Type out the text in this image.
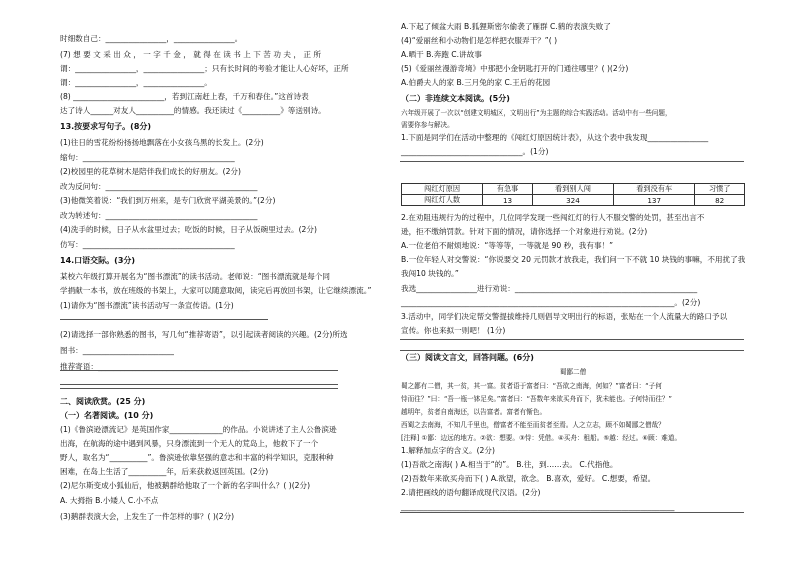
时细数自己：________________，________________。
(7) 想 要 文 采 出 众 ， 一 字 千 金 ， 就 得 在 读 书 上 下 苦 功 夫 ， 正 所
谓：________________，________________；只有长时间的考验才能让人心好坏，正所
谓：________________，________________。
(8) ________________________，若到江南赶上春，千万和春住。”这首诗表
达了诗人______对友人__________的情感。我还读过《__________》等送别诗。
13.按要求写句子。(8分)
(1)往日的雪花纷纷扬扬地飘落在小女孩乌黑的长发上。(2分)
缩句：________________________________________
(2)校园里的花草树木是陪伴我们成长的好朋友。(2分)
改为反问句：________________________________________
(3)他微笑着说：“我们到万州来，是专门欣赏平湖美景的。”(2分)
改为转述句：________________________________________
(4)洗手的时候，日子从水盆里过去；吃饭的时候，日子从饭碗里过去。(2分)
仿写：________________________________________
14.口语交际。(3分)
某校六年级打算开展名为“图书漂流”的读书活动。老师说：“图书漂流就是每个同
学捐献一本书，放在班级的书架上，大家可以随意取阅，读完后再放回书架，让它继续漂流。”
(1)请你为“图书漂流”读书活动写一条宣传语。(1分)
(2)请选择一部你熟悉的图书，写几句“推荐寄语”，以引起读者阅读的兴趣。(2分)所选
图书：________________________
推荐寄语：________________________________________
二、阅读欣赏。(25 分)
（一）名著阅读。(10 分)
(1)《鲁滨逊漂流记》是英国作家______________的作品。小说讲述了主人公鲁滨逊
出海，在航海的途中遇到风暴，只身漂流到一个无人的荒岛上，他救下了一个
野人，取名为“__________”。鲁滨逊依靠坚强的意志和丰富的科学知识，克服种种
困难，在岛上生活了__________年，后来获救返回英国。(2分)
(2)尼尔斯变成小狐仙后，他被鹅群给他取了一个新的名字叫什么？( )(2分)
A. 大拇指 B.小矮人 C.小不点
(3)鹅群表演大会，上发生了一件怎样的事？( )(2分)
A.下起了倾盆大雨 B.狐狸斯密尔偷袭了雁群 C.鹤的表演失败了
(4)“爱丽丝和小动物们是怎样把衣服弄干？”( )
A.晒干 B.奔跑 C.讲故事
(5)《爱丽丝漫游奇境》中那把小金钥匙打开的门通往哪里？( )(2分)
A.伯爵夫人的家 B.三月兔的家 C.王后的花园
（二）非连续文本阅读。(5分)
六年级开展了一次以“创建文明城区，文明出行”为主题的综合实践活动。活动中有一些问题，
需要你参与解决。
1.下面是同学们在活动中整理的《闯红灯原因统计表》，从这个表中我发现________________
________________________________。(1分)
2.在劝阻违规行为的过程中，几位同学发现一些闯红灯的行人不服交警的处罚，甚至出言不
逊，拒不缴纳罚款。针对下面的情况，请你选择一个对象进行劝说。(2分)
A.一位老伯不耐烦地说：“等等等，一等就是 90 秒，我有事！”
B.一位年轻人对交警说：“你说要交 20 元罚款才放我走，我们问一下不就 10 块钱的事嘛，不用扰了我
我闯10 块钱的。”
我选________________进行劝说：________________________________________________
________________________________________________________________________。(2分)
3.活动中，同学们决定帮交警提拔维持几则倡导文明出行的标语，张贴在一个人流量大的路口予以
宣传。你也来拟一则吧！ (1分)
（三）阅读文言文，回答问题。(6分)
蜀鄙二僧
蜀之鄙有二僧，其一贫，其一富。贫者语于富者曰：“吾欲之南海，何如？”富者曰：“子何
恃而往？”曰：“吾一瓶一钵足矣。”富者曰：“吾数年来欲买舟而下，犹未能也。子何恃而往？”
越明年，贫者自南海还，以告富者。富者有惭色。
西蜀之去南海，不知几千里也，僧富者不能至而贫者至焉。人之立志，顾不如蜀鄙之僧哉？
[注释] ①鄙：边远的地方。②欲：想要。③恃：凭借。④买舟：租船。⑤越：经过。⑥顾：难道。
1.解释加点字的含义。(2分)
(1)吾欲之南海( ) A.相当于“的”。 B.往，到……去。 C.代指他。
(2)吾数年来欲买舟而下( ) A.欲望，欲念。 B.喜欢，爱好。 C.想要，希望。
2.请把画线的语句翻译成现代汉语。(2分)
________________________________________________________________________
闯红灯原因	有急事	看到别人闯	看到没有车	习惯了
闯红灯人数	13	324	137	82
